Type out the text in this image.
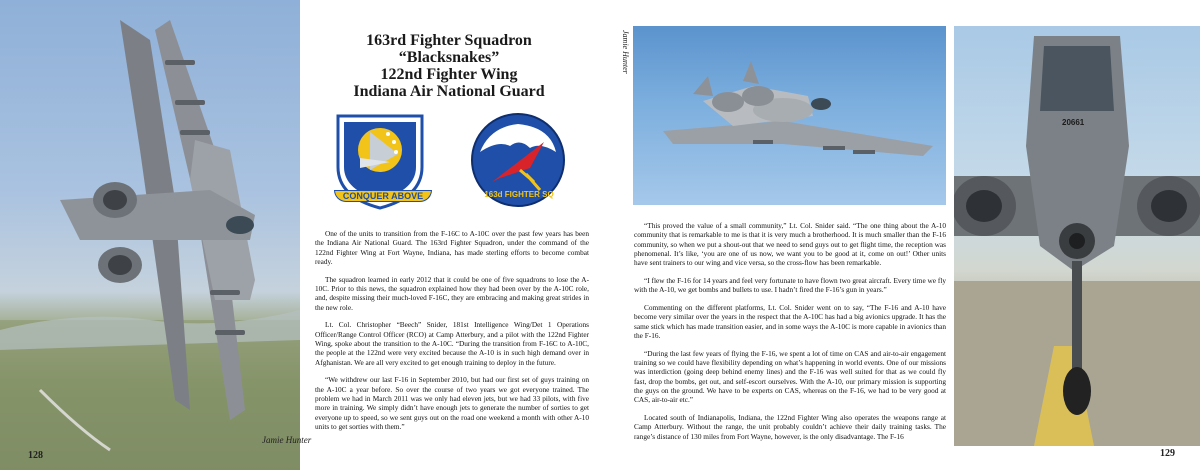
128
Jamie Hunter
163rd Fighter Squadron
“Blacksnakes”
122nd Fighter Wing
Indiana Air National Guard
CONQUER ABOVE	163d FIGHTER SQ

One of the units to transition from the F-16C to A-10C over the past few years has been the Indiana Air National Guard. The 163rd Fighter Squadron, under the command of the 122nd Fighter Wing at Fort Wayne, Indiana, has made sterling efforts to become combat ready.

The squadron learned in early 2012 that it could be one of five squadrons to lose the A-10C. Prior to this news, the squadron explained how they had been over by the A-10C role, and, despite missing their much-loved F-16C, they are embracing and making great strides in the new role.

Lt. Col. Christopher “Beech” Snider, 181st Intelligence Wing/Det 1 Operations Officer/Range Control Officer (RCO) at Camp Atterbury, and a pilot with the 122nd Fighter Wing, spoke about the transition to the A-10C. “During the transition from F-16C to A-10C, the people at the 122nd were very excited because the A-10 is in such high demand over in Afghanistan. We are all very excited to get enough training to deploy in the future.

“We withdrew our last F-16 in September 2010, but had our first set of guys training on the A-10C a year before. So over the course of two years we got everyone trained. The problem we had in March 2011 was we only had eleven jets, but we had 33 pilots, with five more in training. We simply didn’t have enough jets to generate the number of sorties to get everyone up to speed, so we sent guys out on the road one weekend a month with other A-10 units to get sorties with them.”

Jamie Hunter
20661

“This proved the value of a small community,” Lt. Col. Snider said. “The one thing about the A-10 community that is remarkable to me is that it is very much a brotherhood. It is much smaller than the F-16 community, so when we put a shout-out that we need to send guys out to get flight time, the reception was phenomenal. It’s like, ‘you are one of us now, we want you to be good at it, come on out!’ Other units have sent trainers to our wing and vice versa, so the cross-flow has been remarkable.

“I flew the F-16 for 14 years and feel very fortunate to have flown two great aircraft. Every time we fly with the A-10, we get bombs and bullets to use. I hadn’t fired the F-16’s gun in years.”

Commenting on the different platforms, Lt. Col. Snider went on to say, “The F-16 and A-10 have become very similar over the years in the respect that the A-10C has had a big avionics upgrade. It has the same stick which has made transition easier, and in some ways the A-10C is more capable in avionics than the F-16.

“During the last few years of flying the F-16, we spent a lot of time on CAS and air-to-air engagement training so we could have flexibility depending on what’s happening in world events. One of our missions was interdiction (going deep behind enemy lines) and the F-16 was well suited for that as we could fly fast, drop the bombs, get out, and self-escort ourselves. With the A-10, our primary mission is supporting the guys on the ground. We have to be experts on CAS, whereas on the F-16, we had to be very good at CAS, air-to-air etc.”

Located south of Indianapolis, Indiana, the 122nd Fighter Wing also operates the weapons range at Camp Atterbury. Without the range, the unit probably couldn’t achieve their daily training tasks. The range’s distance of 130 miles from Fort Wayne, however, is the only disadvantage. The F-16

129
